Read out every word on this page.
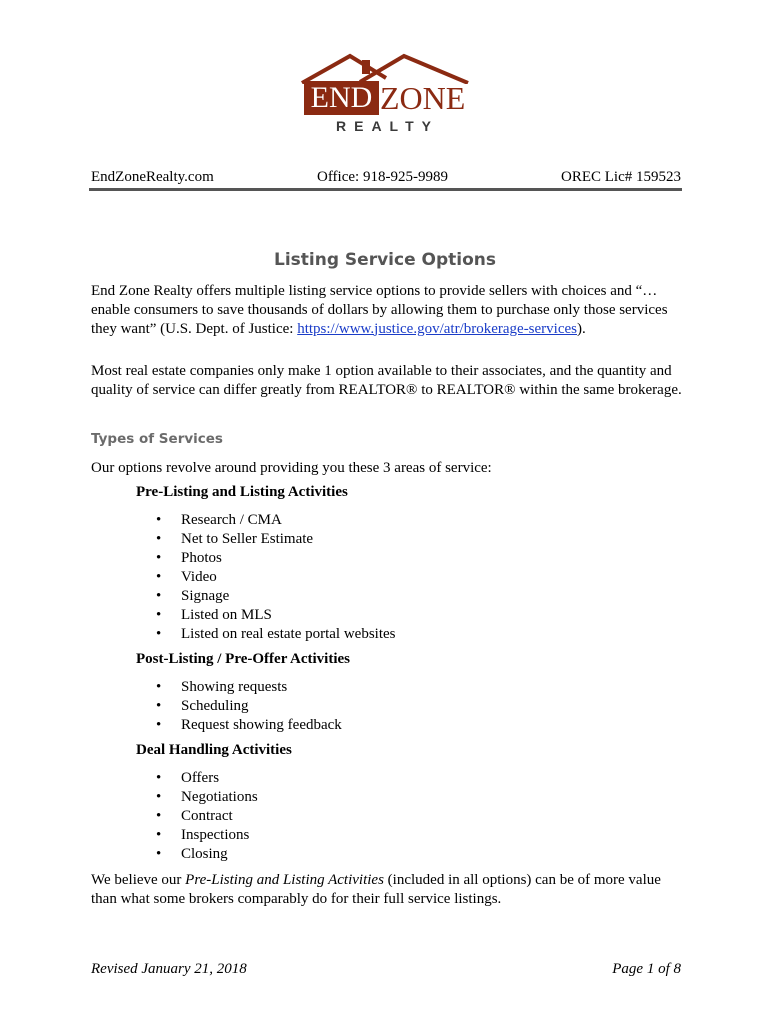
END ZONE
REALTY
EndZoneRealty.com	Office: 918-925-9989	OREC Lic# 159523
Listing Service Options
End Zone Realty offers multiple listing service options to provide sellers with choices and “…enable consumers to save thousands of dollars by allowing them to purchase only those services they want” (U.S. Dept. of Justice: https://www.justice.gov/atr/brokerage-services).
Most real estate companies only make 1 option available to their associates, and the quantity and quality of service can differ greatly from REALTOR® to REALTOR® within the same brokerage.
Types of Services
Our options revolve around providing you these 3 areas of service:
Pre-Listing and Listing Activities
• Research / CMA
• Net to Seller Estimate
• Photos
• Video
• Signage
• Listed on MLS
• Listed on real estate portal websites
Post-Listing / Pre-Offer Activities
• Showing requests
• Scheduling
• Request showing feedback
Deal Handling Activities
• Offers
• Negotiations
• Contract
• Inspections
• Closing
We believe our Pre-Listing and Listing Activities (included in all options) can be of more value than what some brokers comparably do for their full service listings.
Revised January 21, 2018	Page 1 of 8
